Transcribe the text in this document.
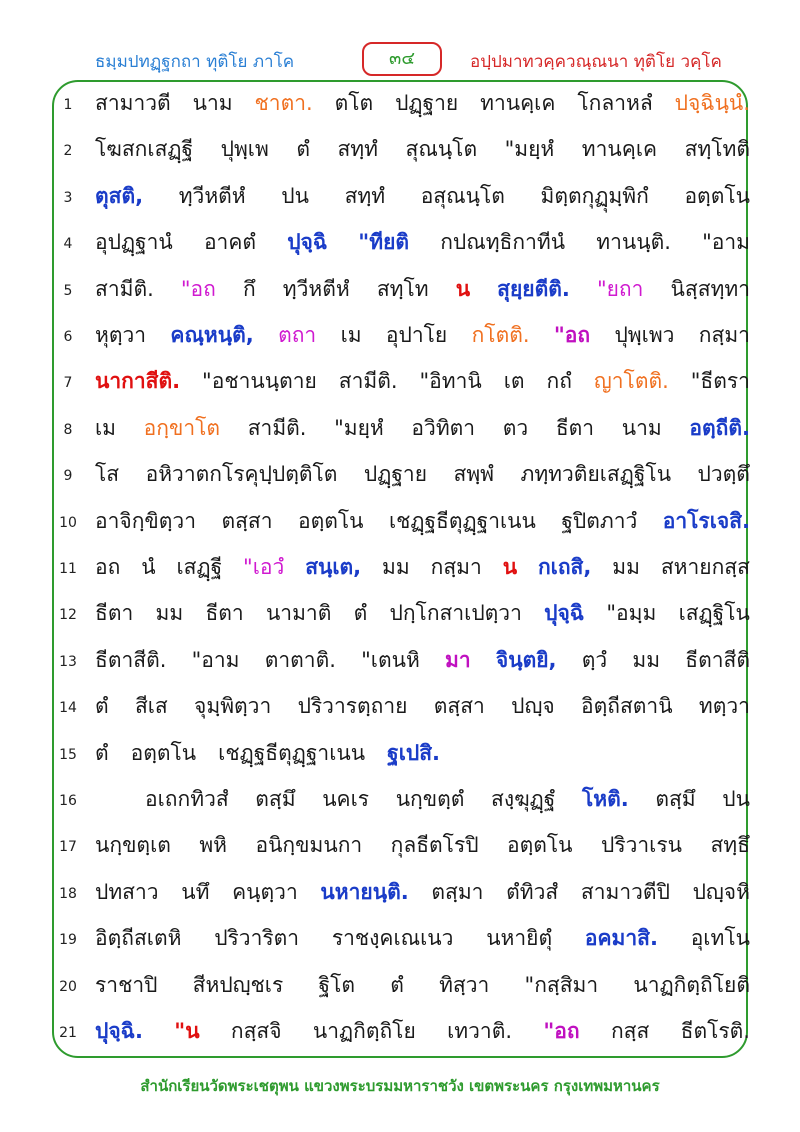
ธมฺมปทฏฺฐกถา ทุติโย ภาโค	๓๔	อปฺปมาทวคฺควณฺณนา ทุติโย วคฺโค
1	สามาวตี นาม ชาตา. ตโต ปฏฺฐาย ทานคฺเค โกลาหลํ ปจฺฉินฺนํ.
2	โฆสกเสฏฺฐี ปุพฺเพ ตํ สทฺทํ สุณนฺโต "มยฺหํ ทานคฺเค สทฺโทติ
3	ตุสติ, ทฺวีหตีหํ ปน สทฺทํ อสุณนฺโต มิตฺตกุฏุมฺพิกํ อตฺตโน
4	อุปฏฺฐานํ อาคตํ ปุจฺฉิ "ทียติ กปณทฺธิกาทีนํ ทานนฺติ. "อาม
5	สามีติ. "อถ กึ ทฺวีหตีหํ สทฺโท น สุยฺยตีติ. "ยถา นิสฺสทฺทา
6	หุตฺวา คณฺหนฺติ, ตถา เม อุปาโย กโตติ. "อถ ปุพฺเพว กสฺมา
7	นากาสีติ. "อชานนฺตาย สามีติ. "อิทานิ เต กถํ ญาโตติ. "ธีตรา
8	เม อกฺขาโต สามีติ. "มยฺหํ อวิทิตา ตว ธีตา นาม อตฺถีติ.
9	โส อหิวาตกโรคุปฺปตฺติโต ปฏฺฐาย สพฺพํ ภทฺทวติยเสฏฺฐิโน ปวตฺตึ
10 อาจิกฺขิตฺวา ตสฺสา อตฺตโน เชฏฺฐธีตุฏฺฐาเนน ฐปิตภาวํ อาโรเจสิ.
11 อถ นํ เสฏฺฐี "เอวํ สนฺเต, มม กสฺมา น กเถสิ, มม สหายกสฺส
12 ธีตา มม ธีตา นามาติ ตํ ปกฺโกสาเปตฺวา ปุจฺฉิ "อมฺม เสฏฺฐิโน
13 ธีตาสีติ. "อาม ตาตาติ. "เตนหิ มา จินฺตยิ, ตฺวํ มม ธีตาสีติ
14 ตํ สีเส จุมฺพิตฺวา ปริวารตฺถาย ตสฺสา ปญฺจ อิตฺถีสตานิ ทตฺวา
15 ตํ อตฺตโน เชฏฺฐธีตุฏฺฐาเนน ฐเปสิ.
16	อเถกทิวสํ ตสฺมึ นคเร นกฺขตฺตํ สงฺฆุฏฺฐํ โหติ. ตสฺมึ ปน
17 นกฺขตฺเต พหิ อนิกฺขมนกา กุลธีตโรปิ อตฺตโน ปริวาเรน สทฺธึ
18 ปทสาว นทึ คนฺตฺวา นหายนฺติ. ตสฺมา ตํทิวสํ สามาวตีปิ ปญฺจหิ
19 อิตฺถีสเตหิ ปริวาริตา ราชงฺคเณเนว นหายิตุํ อคมาสิ. อุเทโน
20 ราชาปิ สีหปญฺชเร ฐิโต ตํ ทิสฺวา "กสฺสิมา นาฏกิตฺถิโยติ
21 ปุจฺฉิ. "น กสฺสจิ นาฏกิตฺถิโย เทวาติ. "อถ กสฺส ธีตโรติ.
สำนักเรียนวัดพระเชตุพน แขวงพระบรมมหาราชวัง เขตพระนคร กรุงเทพมหานคร
